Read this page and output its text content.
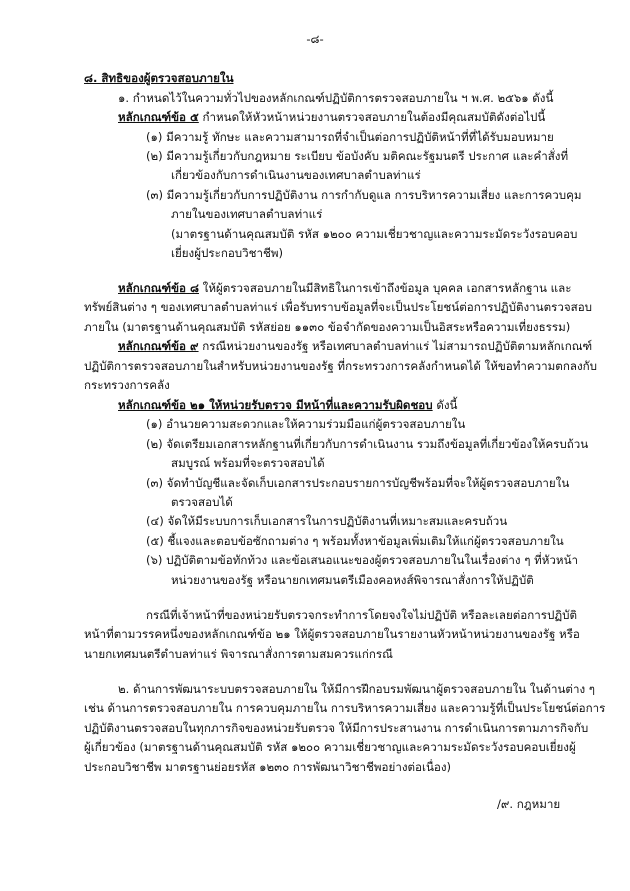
-๘-
๘. สิทธิของผู้ตรวจสอบภายใน
๑. กำหนดไว้ในความทั่วไปของหลักเกณฑ์ปฏิบัติการตรวจสอบภายใน ฯ พ.ศ. ๒๕๖๑ ดังนี้
หลักเกณฑ์ข้อ ๕ กำหนดให้หัวหน้าหน่วยงานตรวจสอบภายในต้องมีคุณสมบัติดังต่อไปนี้
(๑) มีความรู้ ทักษะ และความสามารถที่จำเป็นต่อการปฏิบัติหน้าที่ที่ได้รับมอบหมาย
(๒) มีความรู้เกี่ยวกับกฎหมาย ระเบียบ ข้อบังคับ มติคณะรัฐมนตรี ประกาศ และคำสั่งที่
เกี่ยวข้องกับการดำเนินงานของเทศบาลตำบลท่าแร่
(๓) มีความรู้เกี่ยวกับการปฏิบัติงาน การกำกับดูแล การบริหารความเสี่ยง และการควบคุม
ภายในของเทศบาลตำบลท่าแร่
(มาตรฐานด้านคุณสมบัติ รหัส ๑๒๐๐ ความเชี่ยวชาญและความระมัดระวังรอบคอบ
เยี่ยงผู้ประกอบวิชาชีพ)
หลักเกณฑ์ข้อ ๘ ให้ผู้ตรวจสอบภายในมีสิทธิในการเข้าถึงข้อมูล บุคคล เอกสารหลักฐาน และ
ทรัพย์สินต่าง ๆ ของเทศบาลตำบลท่าแร่ เพื่อรับทราบข้อมูลที่จะเป็นประโยชน์ต่อการปฏิบัติงานตรวจสอบ
ภายใน (มาตรฐานด้านคุณสมบัติ รหัสย่อย ๑๑๓๐ ข้อจำกัดของความเป็นอิสระหรือความเที่ยงธรรม)
หลักเกณฑ์ข้อ ๙ กรณีหน่วยงานของรัฐ หรือเทศบาลตำบลท่าแร่ ไม่สามารถปฏิบัติตามหลักเกณฑ์
ปฏิบัติการตรวจสอบภายในสำหรับหน่วยงานของรัฐ ที่กระทรวงการคลังกำหนดได้ ให้ขอทำความตกลงกับ
กระทรวงการคลัง
หลักเกณฑ์ข้อ ๒๑ ให้หน่วยรับตรวจ มีหน้าที่และความรับผิดชอบ ดังนี้
(๑) อำนวยความสะดวกและให้ความร่วมมือแก่ผู้ตรวจสอบภายใน
(๒) จัดเตรียมเอกสารหลักฐานที่เกี่ยวกับการดำเนินงาน รวมถึงข้อมูลที่เกี่ยวข้องให้ครบถ้วน
สมบูรณ์ พร้อมที่จะตรวจสอบได้
(๓) จัดทำบัญชีและจัดเก็บเอกสารประกอบรายการบัญชีพร้อมที่จะให้ผู้ตรวจสอบภายใน
ตรวจสอบได้
(๔) จัดให้มีระบบการเก็บเอกสารในการปฏิบัติงานที่เหมาะสมและครบถ้วน
(๕) ชี้แจงและตอบข้อซักถามต่าง ๆ พร้อมทั้งหาข้อมูลเพิ่มเติมให้แก่ผู้ตรวจสอบภายใน
(๖) ปฏิบัติตามข้อทักท้วง และข้อเสนอแนะของผู้ตรวจสอบภายในในเรื่องต่าง ๆ ที่หัวหน้า
หน่วยงานของรัฐ หรือนายกเทศมนตรีเมืองคอหงส์พิจารณาสั่งการให้ปฏิบัติ
กรณีที่เจ้าหน้าที่ของหน่วยรับตรวจกระทำการโดยจงใจไม่ปฏิบัติ หรือละเลยต่อการปฏิบัติ
หน้าที่ตามวรรคหนึ่งของหลักเกณฑ์ข้อ ๒๑ ให้ผู้ตรวจสอบภายในรายงานหัวหน้าหน่วยงานของรัฐ หรือ
นายกเทศมนตรีตำบลท่าแร่ พิจารณาสั่งการตามสมควรแก่กรณี
๒. ด้านการพัฒนาระบบตรวจสอบภายใน ให้มีการฝึกอบรมพัฒนาผู้ตรวจสอบภายใน ในด้านต่าง ๆ
เช่น ด้านการตรวจสอบภายใน การควบคุมภายใน การบริหารความเสี่ยง และความรู้ที่เป็นประโยชน์ต่อการ
ปฏิบัติงานตรวจสอบในทุกภารกิจของหน่วยรับตรวจ ให้มีการประสานงาน การดำเนินการตามภารกิจกับ
ผู้เกี่ยวข้อง (มาตรฐานด้านคุณสมบัติ รหัส ๑๒๐๐ ความเชี่ยวชาญและความระมัดระวังรอบคอบเยี่ยงผู้
ประกอบวิชาชีพ มาตรฐานย่อยรหัส ๑๒๓๐ การพัฒนาวิชาชีพอย่างต่อเนื่อง)
/๙. กฎหมาย
